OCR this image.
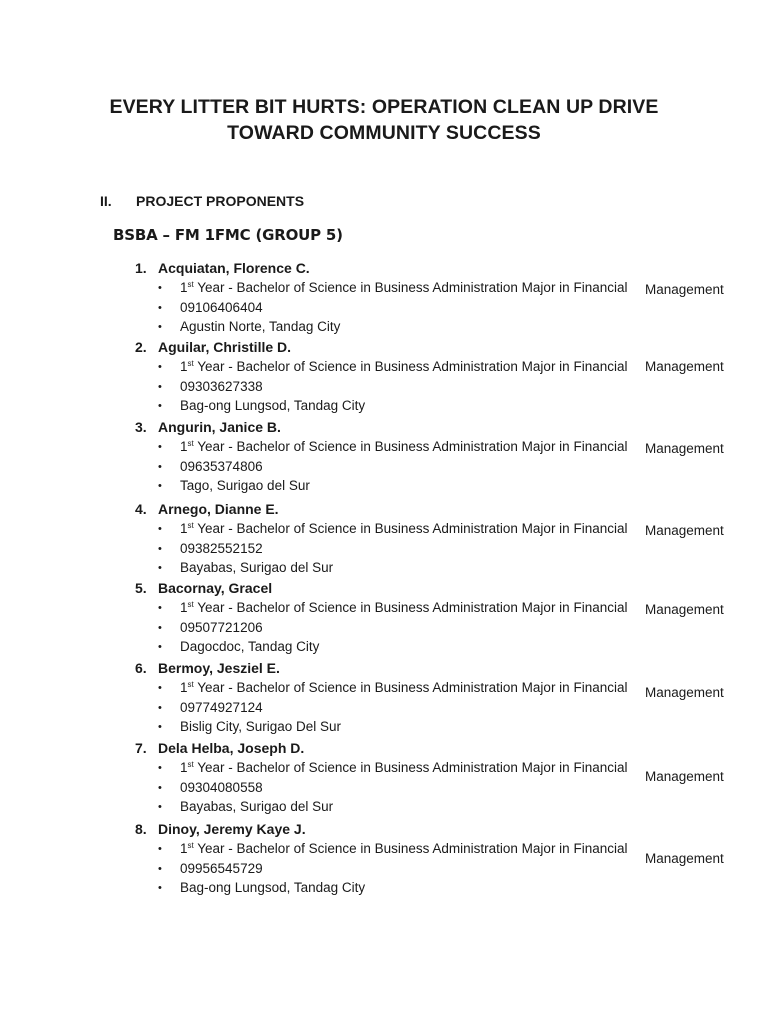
EVERY LITTER BIT HURTS: OPERATION CLEAN UP DRIVE
TOWARD COMMUNITY SUCCESS
II. PROJECT PROPONENTS
BSBA – FM 1FMC (GROUP 5)
1. Acquiatan, Florence C.
• 1st Year - Bachelor of Science in Business Administration Major in Financial Management
• 09106406404
• Agustin Norte, Tandag City
2. Aguilar, Christille D.
• 1st Year - Bachelor of Science in Business Administration Major in Financial Management
• 09303627338
• Bag-ong Lungsod, Tandag City
3. Angurin, Janice B.
• 1st Year - Bachelor of Science in Business Administration Major in Financial Management
• 09635374806
• Tago, Surigao del Sur
4. Arnego, Dianne E.
• 1st Year - Bachelor of Science in Business Administration Major in Financial Management
• 09382552152
• Bayabas, Surigao del Sur
5. Bacornay, Gracel
• 1st Year - Bachelor of Science in Business Administration Major in Financial Management
• 09507721206
• Dagocdoc, Tandag City
6. Bermoy, Jesziel E.
• 1st Year - Bachelor of Science in Business Administration Major in Financial Management
• 09774927124
• Bislig City, Surigao Del Sur
7. Dela Helba, Joseph D.
• 1st Year - Bachelor of Science in Business Administration Major in Financial
Management
• 09304080558
• Bayabas, Surigao del Sur
8. Dinoy, Jeremy Kaye J.
• 1st Year - Bachelor of Science in Business Administration Major in Financial
Management
• 09956545729
• Bag-ong Lungsod, Tandag City
